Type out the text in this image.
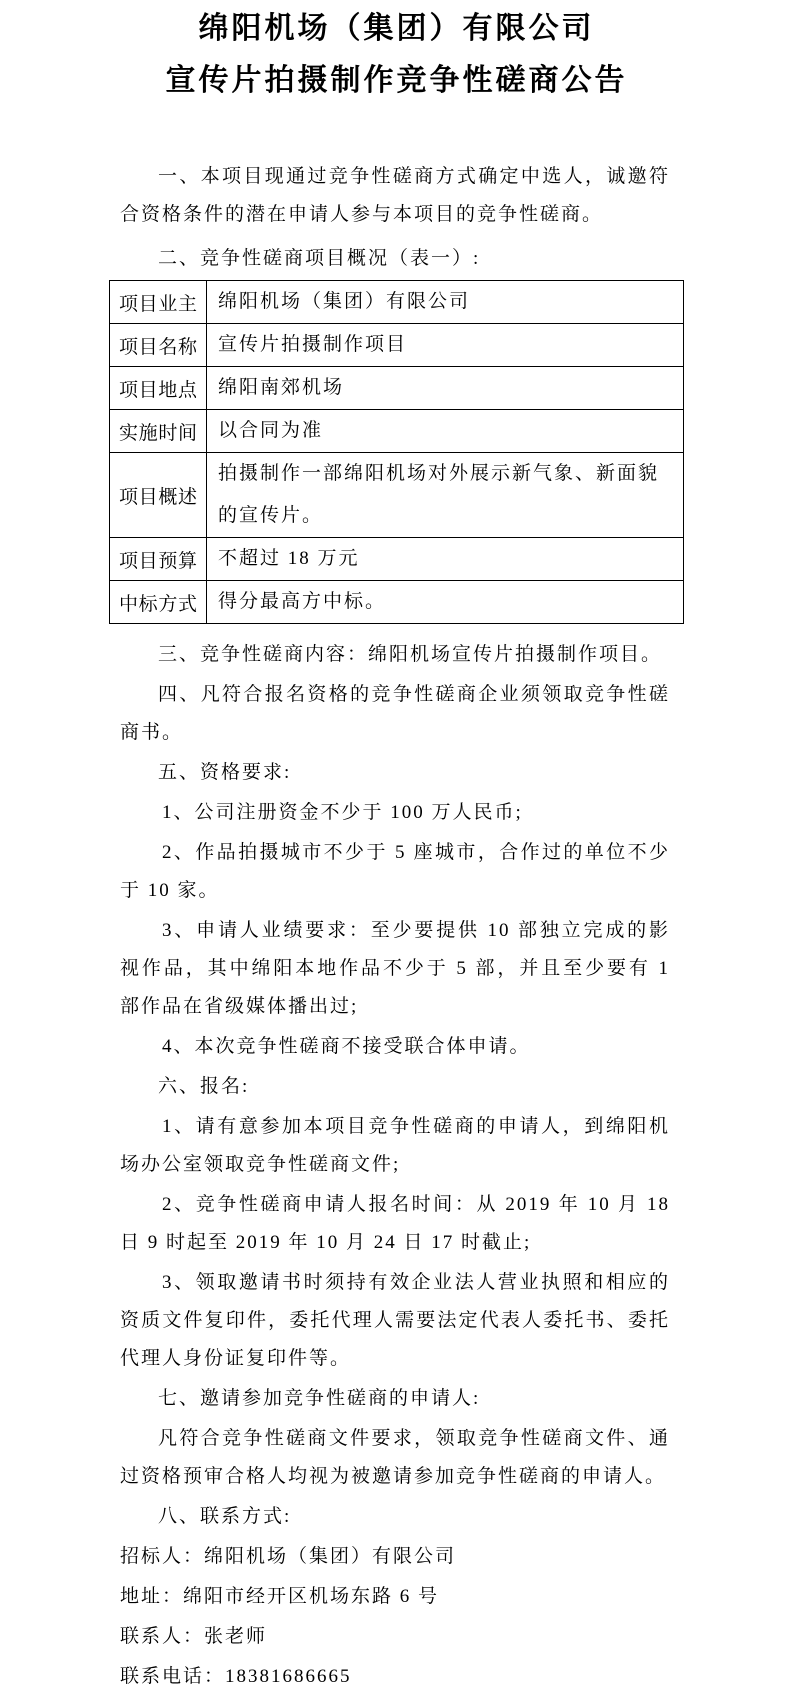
绵阳机场（集团）有限公司
宣传片拍摄制作竞争性磋商公告

一、本项目现通过竞争性磋商方式确定中选人，诚邀符合资格条件的潜在申请人参与本项目的竞争性磋商。

二、竞争性磋商项目概况（表一）:

项目业主	绵阳机场（集团）有限公司

项目名称	宣传片拍摄制作项目

项目地点	绵阳南郊机场

实施时间	以合同为准

项目概述	拍摄制作一部绵阳机场对外展示新气象、新面貌的宣传片。

项目预算	不超过 18 万元

中标方式	得分最高方中标。

三、竞争性磋商内容：绵阳机场宣传片拍摄制作项目。

四、凡符合报名资格的竞争性磋商企业须领取竞争性磋商书。

五、资格要求:

1、公司注册资金不少于 100 万人民币;

2、作品拍摄城市不少于 5 座城市，合作过的单位不少于 10 家。

3、申请人业绩要求：至少要提供 10 部独立完成的影视作品，其中绵阳本地作品不少于 5 部，并且至少要有 1 部作品在省级媒体播出过;

4、本次竞争性磋商不接受联合体申请。

六、报名:

1、请有意参加本项目竞争性磋商的申请人，到绵阳机场办公室领取竞争性磋商文件;

2、竞争性磋商申请人报名时间：从 2019 年 10 月 18 日 9 时起至 2019 年 10 月 24 日 17 时截止;

3、领取邀请书时须持有效企业法人营业执照和相应的资质文件复印件，委托代理人需要法定代表人委托书、委托代理人身份证复印件等。

七、邀请参加竞争性磋商的申请人:

凡符合竞争性磋商文件要求，领取竞争性磋商文件、通过资格预审合格人均视为被邀请参加竞争性磋商的申请人。

八、联系方式:

招标人：绵阳机场（集团）有限公司

地址：绵阳市经开区机场东路 6 号

联系人：张老师

联系电话：18381686665
